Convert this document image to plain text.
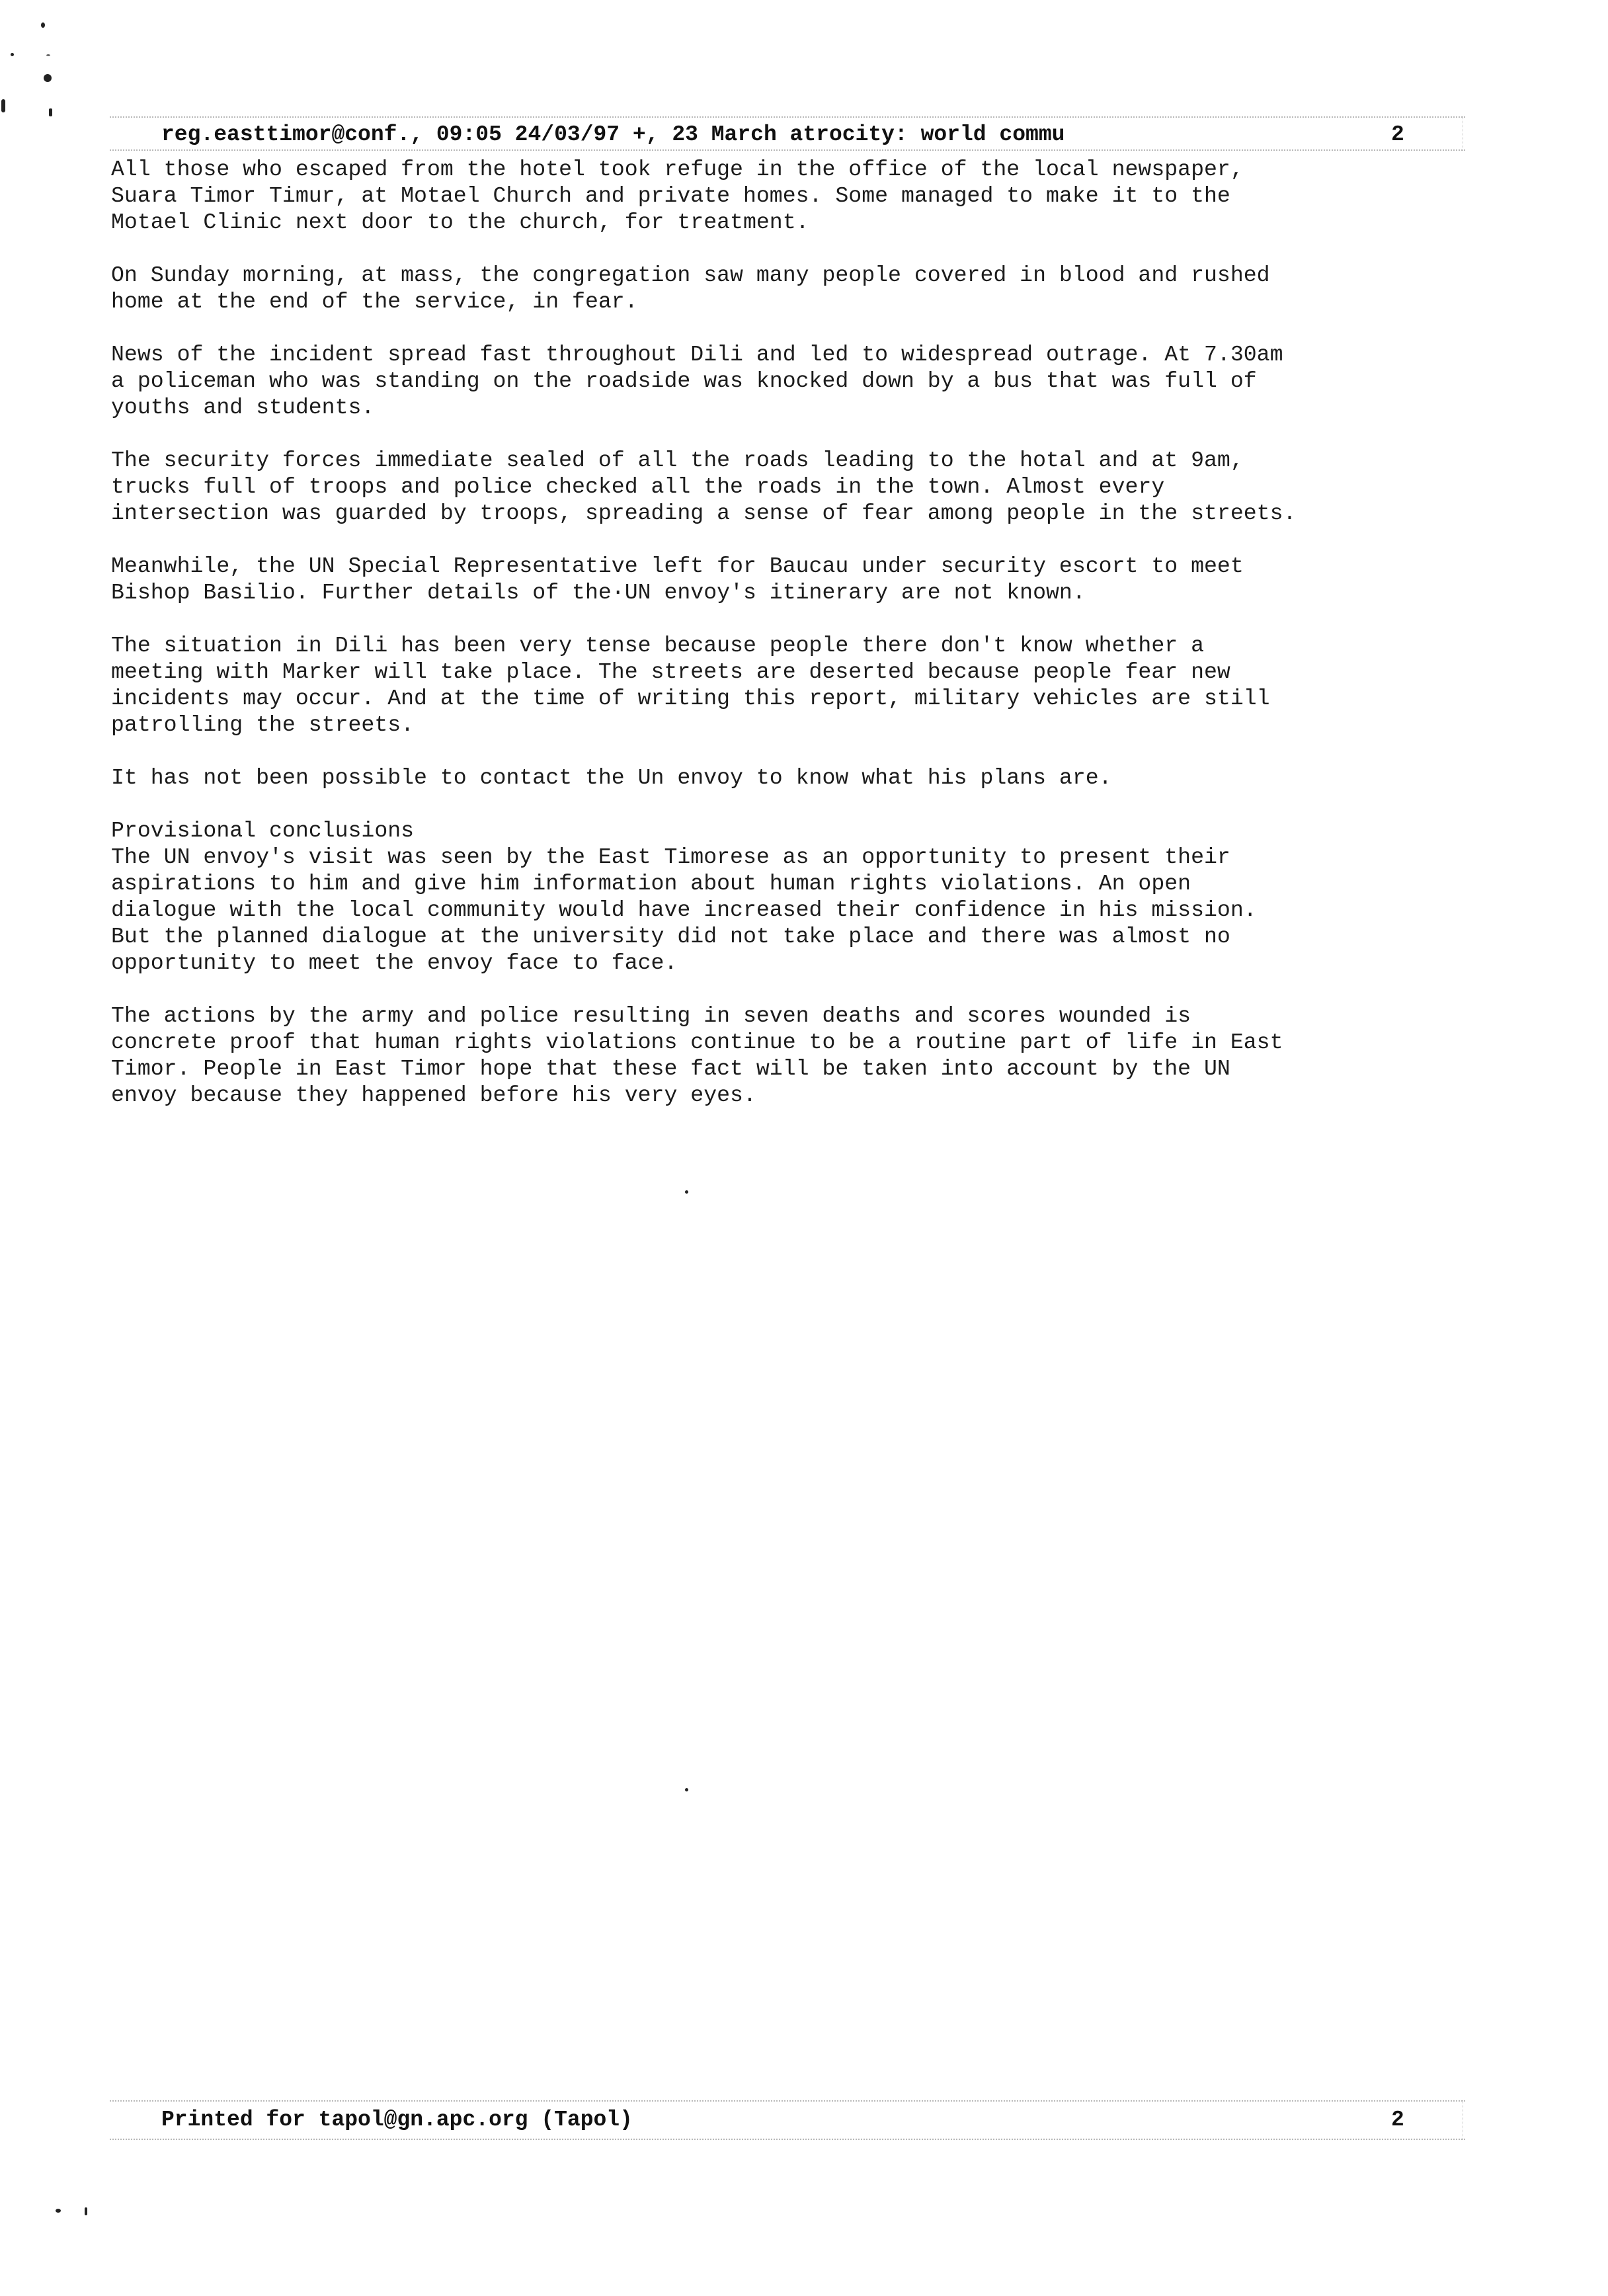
reg.easttimor@conf., 09:05 24/03/97 +, 23 March atrocity: world commu	2

All those who escaped from the hotel took refuge in the office of the local newspaper,
Suara Timor Timur, at Motael Church and private homes. Some managed to make it to the
Motael Clinic next door to the church, for treatment.

On Sunday morning, at mass, the congregation saw many people covered in blood and rushed
home at the end of the service, in fear.

News of the incident spread fast throughout Dili and led to widespread outrage. At 7.30am
a policeman who was standing on the roadside was knocked down by a bus that was full of
youths and students.

The security forces immediate sealed of all the roads leading to the hotal and at 9am,
trucks full of troops and police checked all the roads in the town. Almost every
intersection was guarded by troops, spreading a sense of fear among people in the streets.

Meanwhile, the UN Special Representative left for Baucau under security escort to meet
Bishop Basilio. Further details of the·UN envoy's itinerary are not known.

The situation in Dili has been very tense because people there don't know whether a
meeting with Marker will take place. The streets are deserted because people fear new
incidents may occur. And at the time of writing this report, military vehicles are still
patrolling the streets.

It has not been possible to contact the Un envoy to know what his plans are.

Provisional conclusions
The UN envoy's visit was seen by the East Timorese as an opportunity to present their
aspirations to him and give him information about human rights violations. An open
dialogue with the local community would have increased their confidence in his mission.
But the planned dialogue at the university did not take place and there was almost no
opportunity to meet the envoy face to face.

The actions by the army and police resulting in seven deaths and scores wounded is
concrete proof that human rights violations continue to be a routine part of life in East
Timor. People in East Timor hope that these fact will be taken into account by the UN
envoy because they happened before his very eyes.

Printed for tapol@gn.apc.org (Tapol)	2
